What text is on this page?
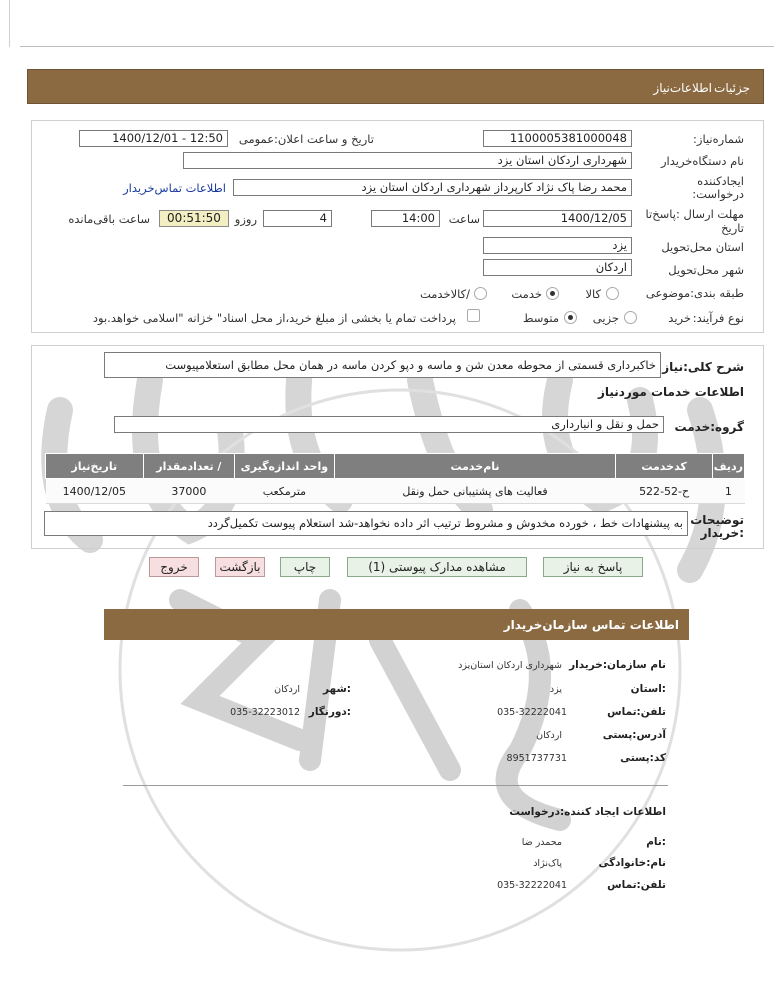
جزئیات
اطلاعات‌نیاز
شماره‌نیاز:
1100005381000048
تاریخ و ساعت اعلان:عمومی
1400/12/01 - 12:50
نام دستگاه‌خریدار
شهرداری اردکان استان یزد
ایجادکننده
درخواست:
محمد رضا پاک نژاد کارپرداز شهرداری اردکان استان یزد
اطلاعات تماس‌خریدار
مهلت ارسال :پاسخ‌تا
تاریخ
1400/12/05
ساعت
14:00
4
روزو
00:51:50
ساعت باقی‌مانده
استان محل‌تحویل
یزد
شهر محل‌تحویل
اردکان
طبقه بندی:موضوعی
کالا
خدمت
/کالاخدمت
نوع فرآیند:
خرید
جزیی
متوسط
پرداخت تمام یا بخشی از مبلغ خرید،از محل اسناد" خزانه "اسلامی خواهد.بود
شرح کلی:نیاز
خاکبرداری قسمتی از محوطه معدن شن و ماسه و دپو کردن ماسه در همان محل مطابق استعلامپیوست
اطلاعات خدمات موردنیاز
گروه:خدمت
حمل و نقل و انبارداری
ردیف	کدخدمت	نام‌خدمت	واحد اندازه‌گیری	/ تعدادمقدار	تاریخ‌نیاز
1	ح-52-522	فعالیت های پشتیبانی حمل ونقل	مترمکعب	37000	1400/12/05
توضیحات
:خریدار
به پیشنهادات خط ، خورده مخدوش و مشروط ترتیب اثر داده نخواهد-شد استعلام پیوست تکمیل‌گردد
پاسخ به نیاز
مشاهده مدارک پیوستی (1)
چاپ
بازگشت
خروج
اطلاعات تماس سازمان‌خریدار
نام سازمان:خریدار
شهرداری اردکان استان‌یزد
:استان
یزد
:شهر
اردکان
تلفن:تماس
035-32222041
:دورنگار
035-32223012
آدرس:پستی
اردکان
کد:پستی
8951737731
اطلاعات ایجاد کننده:درخواست
:نام
محمدر ضا
نام:خانوادگی
پاک‌نژاد
تلفن:تماس
035-32222041
